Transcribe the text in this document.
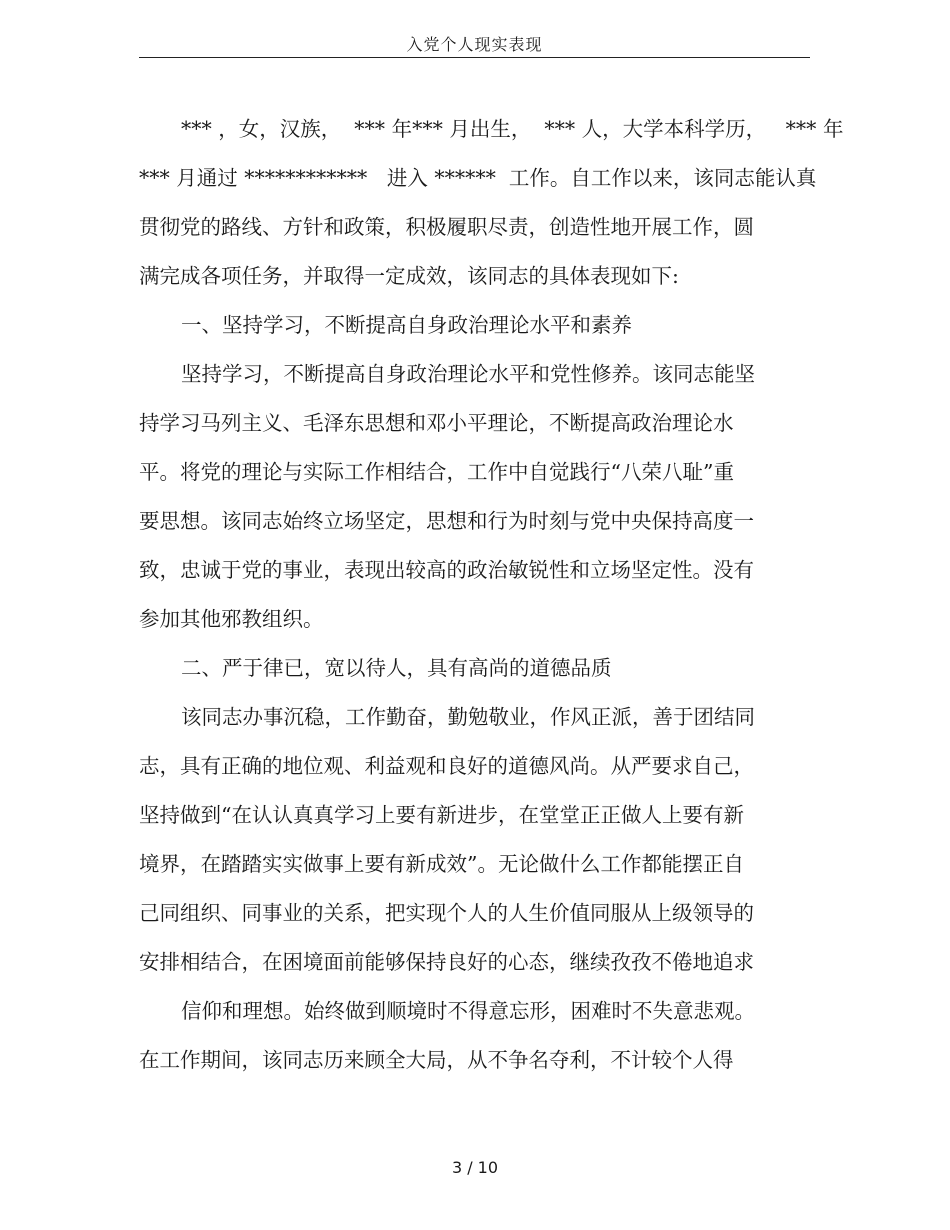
入党个人现实表现
*** ，女，汉族，  *** 年*** 月出生，  *** 人，大学本科学历，   *** 年
*** 月通过 ************   进入 ******  工作。自工作以来，该同志能认真
贯彻党的路线、方针和政策，积极履职尽责，创造性地开展工作，圆
满完成各项任务，并取得一定成效，该同志的具体表现如下:
一、坚持学习，不断提高自身政治理论水平和素养
坚持学习，不断提高自身政治理论水平和党性修养。该同志能坚
持学习马列主义、毛泽东思想和邓小平理论，不断提高政治理论水
平。将党的理论与实际工作相结合，工作中自觉践行“八荣八耻”重
要思想。该同志始终立场坚定，思想和行为时刻与党中央保持高度一
致，忠诚于党的事业，表现出较高的政治敏锐性和立场坚定性。没有
参加其他邪教组织。
二、严于律已，宽以待人，具有高尚的道德品质
该同志办事沉稳，工作勤奋，勤勉敬业，作风正派，善于团结同
志，具有正确的地位观、利益观和良好的道德风尚。从严要求自己，
坚持做到“在认认真真学习上要有新进步，在堂堂正正做人上要有新
境界，在踏踏实实做事上要有新成效”。无论做什么工作都能摆正自
己同组织、同事业的关系，把实现个人的人生价值同服从上级领导的
安排相结合，在困境面前能够保持良好的心态，继续孜孜不倦地追求
信仰和理想。始终做到顺境时不得意忘形，困难时不失意悲观。
在工作期间，该同志历来顾全大局，从不争名夺利，不计较个人得
3 / 10
